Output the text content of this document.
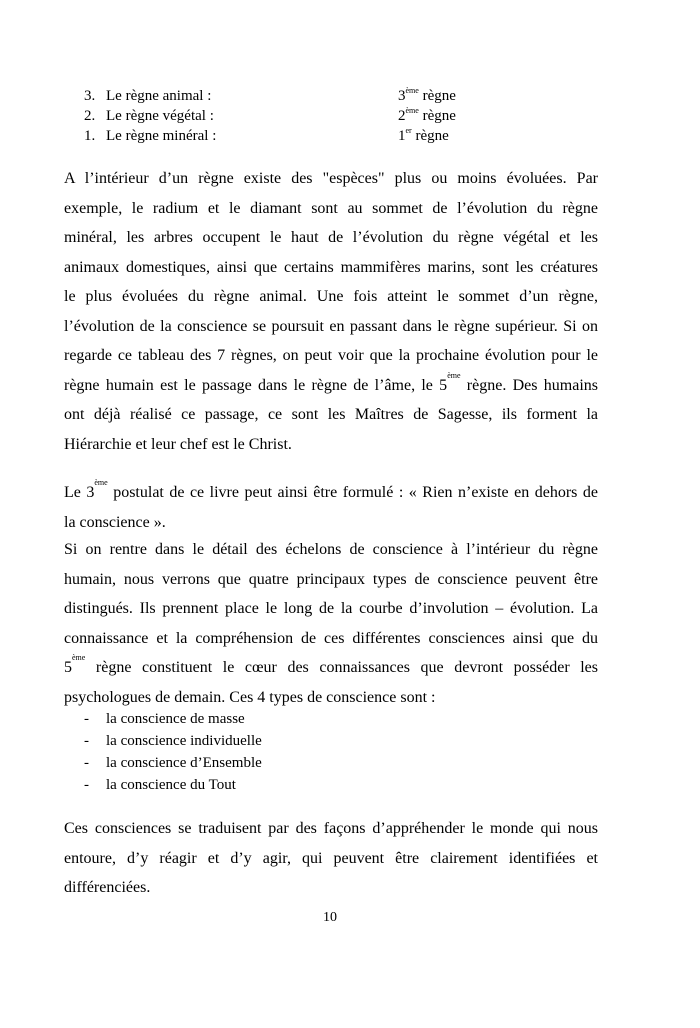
3. Le règne animal :	3ème règne
2. Le règne végétal :	2ème règne
1. Le règne minéral :	1er règne
A l’intérieur d’un règne existe des "espèces" plus ou moins évoluées. Par
exemple, le radium et le diamant sont au sommet de l’évolution du règne
minéral, les arbres occupent le haut de l’évolution du règne végétal et les
animaux domestiques, ainsi que certains mammifères marins, sont les créatures
le plus évoluées du règne animal. Une fois atteint le sommet d’un règne,
l’évolution de la conscience se poursuit en passant dans le règne supérieur. Si on
regarde ce tableau des 7 règnes, on peut voir que la prochaine évolution pour le
règne humain est le passage dans le règne de l’âme, le 5ème règne. Des humains
ont déjà réalisé ce passage, ce sont les Maîtres de Sagesse, ils forment la
Hiérarchie et leur chef est le Christ.
Le 3ème postulat de ce livre peut ainsi être formulé : « Rien n’existe en dehors de
la conscience ».
Si on rentre dans le détail des échelons de conscience à l’intérieur du règne
humain, nous verrons que quatre principaux types de conscience peuvent être
distingués. Ils prennent place le long de la courbe d’involution – évolution. La
connaissance et la compréhension de ces différentes consciences ainsi que du
5ème règne constituent le cœur des connaissances que devront posséder les
psychologues de demain. Ces 4 types de conscience sont :
- la conscience de masse
- la conscience individuelle
- la conscience d’Ensemble
- la conscience du Tout
Ces consciences se traduisent par des façons d’appréhender le monde qui nous
entoure, d’y réagir et d’y agir, qui peuvent être clairement identifiées et
différenciées.
10
